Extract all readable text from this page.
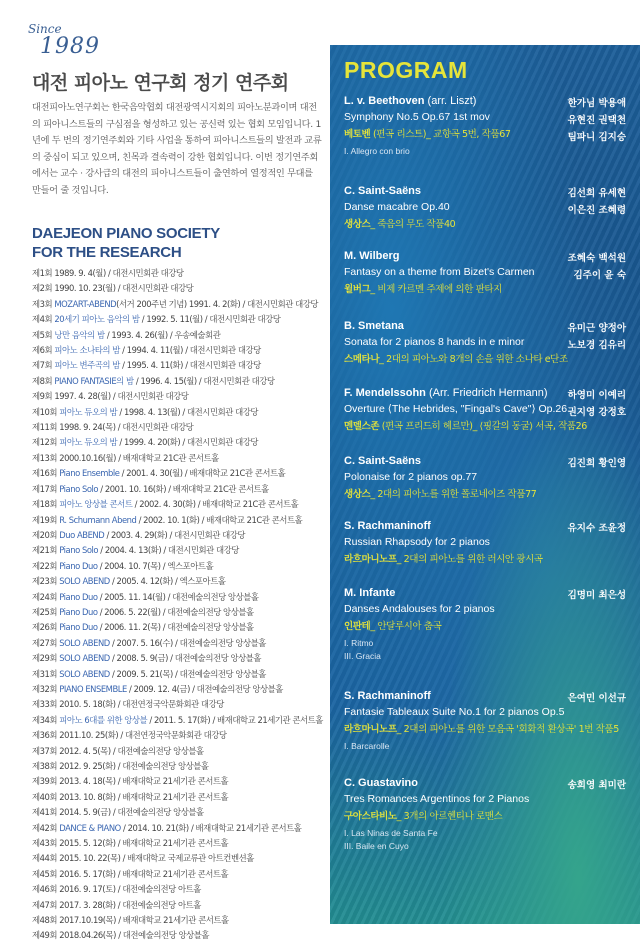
Since
1989
대전 피아노 연구회 정기 연주회

대전피아노연구회는 한국음악협회 대전광역시지회의 피아노분과이며 대전의 피아니스트들의 구심점을 형성하고 있는 공신력 있는 협회 모임입니다. 1년에 두 번의 정기연주회와 기타 사업을 통하여 피아니스트들의 발전과 교류의 중심이 되고 있으며, 친목과 결속력이 강한 협회입니다. 이번 정기연주회에서는 교수 · 강사급의 대전의 피아니스트들이 출연하여 열정적인 무대를 만들어 줄 것입니다.

DAEJEON PIANO SOCIETY
FOR THE RESEARCH
제1회 1989. 9. 4(월) / 대전시민회관 대강당
제2회 1990. 10. 23(월) / 대전시민회관 대강당
제3회 MOZART-ABEND(서거 200주년 기념) 1991. 4. 2(화) / 대전시민회관 대강당
제4회 20세기 피아노 음악의 밤 / 1992. 5. 11(월) / 대전시민회관 대강당
제5회 낭만 음악의 밤 / 1993. 4. 26(월) / 우송예술회관
제6회 피아노 소나타의 밤 / 1994. 4. 11(월) / 대전시민회관 대강당
제7회 피아노 변주곡의 밤 / 1995. 4. 11(화) / 대전시민회관 대강당
제8회 PIANO FANTASIE의 밤 / 1996. 4. 15(월) / 대전시민회관 대강당
제9회 1997. 4. 28(월) / 대전시민회관 대강당
제10회 피아노 듀오의 밤 / 1998. 4. 13(월) / 대전시민회관 대강당
제11회 1998. 9. 24(목) / 대전시민회관 대강당
제12회 피아노 듀오의 밤 / 1999. 4. 20(화) / 대전시민회관 대강당
제13회 2000.10.16(월) / 배재대학교 21C관 콘서트홀
제16회 Piano Ensemble / 2001. 4. 30(월) / 배재대학교 21C관 콘서트홀
제17회 Piano Solo / 2001. 10. 16(화) / 배재대학교 21C관 콘서트홀
제18회 피아노 앙상블 콘서트 / 2002. 4. 30(화) / 배재대학교 21C관 콘서트홀
제19회 R. Schumann Abend / 2002. 10. 1(화) / 배재대학교 21C관 콘서트홀
제20회 Duo ABEND / 2003. 4. 29(화) / 대전시민회관 대강당
제21회 Piano Solo / 2004. 4. 13(화) / 대전시민회관 대강당
제22회 Piano Duo / 2004. 10. 7(목) / 엑스포아트홀
제23회 SOLO ABEND / 2005. 4. 12(화) / 엑스포아트홀
제24회 Piano Duo / 2005. 11. 14(월) / 대전예술의전당 앙상블홀
제25회 Piano Duo / 2006. 5. 22(월) / 대전예술의전당 앙상블홀
제26회 Piano Duo / 2006. 11. 2(목) / 대전예술의전당 앙상블홀
제27회 SOLO ABEND / 2007. 5. 16(수) / 대전예술의전당 앙상블홀
제29회 SOLO ABEND / 2008. 5. 9(금) / 대전예술의전당 앙상블홀
제31회 SOLO ABEND / 2009. 5. 21(목) / 대전예술의전당 앙상블홀
제32회 PIANO ENSEMBLE / 2009. 12. 4(금) / 대전예술의전당 앙상블홀
제33회 2010. 5. 18(화) / 대전연정국악문화회관 대강당
제34회 피아노 6대를 위한 앙상블 / 2011. 5. 17(화) / 배재대학교 21세기관 콘서트홀
제36회 2011.10. 25(화) / 대전연정국악문화회관 대강당
제37회 2012. 4. 5(목) / 대전예술의전당 앙상블홀
제38회 2012. 9. 25(화) / 대전예술의전당 앙상블홀
제39회 2013. 4. 18(목) / 배재대학교 21세기관 콘서트홀
제40회 2013. 10. 8(화) / 배재대학교 21세기관 콘서트홀
제41회 2014. 5. 9(금) / 대전예술의전당 앙상블홀
제42회 DANCE & PIANO / 2014. 10. 21(화) / 배재대학교 21세기관 콘서트홀
제43회 2015. 5. 12(화) / 배재대학교 21세기관 콘서트홀
제44회 2015. 10. 22(목) / 배재대학교 국제교류관 아트컨벤션홀
제45회 2016. 5. 17(화) / 배재대학교 21세기관 콘서트홀
제46회 2016. 9. 17(토) / 대전예술의전당 아트홀
제47회 2017. 3. 28(화) / 대전예술의전당 아트홀
제48회 2017.10.19(목) / 배재대학교 21세기관 콘서트홀
제49회 2018.04.26(목) / 대전예술의전당 앙상블홀
PROGRAM
한가님 박용애
유현진 권택천
팀파니 김지승
L. v. Beethoven (arr. Liszt)
Symphony No.5 Op.67 1st mov
베토벤 (편곡 리스트)_ 교향곡 5번, 작품67
I. Allegro con brio
김선희 유세현
이은진 조혜령
C. Saint-Saëns
Danse macabre Op.40
생상스_ 죽음의 무도 작품40
조혜숙 백석원
김주이 윤 숙
M. Wilberg
Fantasy on a theme from Bizet's Carmen
윌버그_ 비제 카르멘 주제에 의한 판타지
유미근 양정아
노보경 김유리
B. Smetana
Sonata for 2 pianos 8 hands in e minor
스메타나_ 2대의 피아노와 8개의 손을 위한 소나타 e단조
하영미 이예리
권지영 강정호
F. Mendelssohn (Arr. Friedrich Hermann)
Overture ⟨The Hebrides, "Fingal's Cave"⟩ Op.26
멘델스존 (편곡 프리드히 헤르만)_ ⟨핑갈의 동굴⟩ 서곡, 작품26
김진희 황인영
C. Saint-Saëns
Polonaise for 2 pianos op.77
생상스_ 2대의 피아노를 위한 폴로네이즈 작품77
유지수 조윤정
S. Rachmaninoff
Russian Rhapsody for 2 pianos
라흐마니노프_ 2대의 피아노를 위한 러시안 광시곡
김명미 최은성
M. Infante
Danses Andalouses for 2 pianos
인판테_ 안달루시아 춤곡
I. Ritmo
III. Gracia
은여민 이선규
S. Rachmaninoff
Fantasie Tableaux Suite No.1 for 2 pianos Op.5
라흐마니노프_ 2대의 피아노를 위한 모음곡 '회화적 환상곡' 1번 작품5
I. Barcarolle
송희영 최미란
C. Guastavino
Tres Romances Argentinos for 2 Pianos
구아스타비노_ 3개의 아르헨티나 로맨스
I. Las Ninas de Santa Fe
III. Baile en Cuyo
